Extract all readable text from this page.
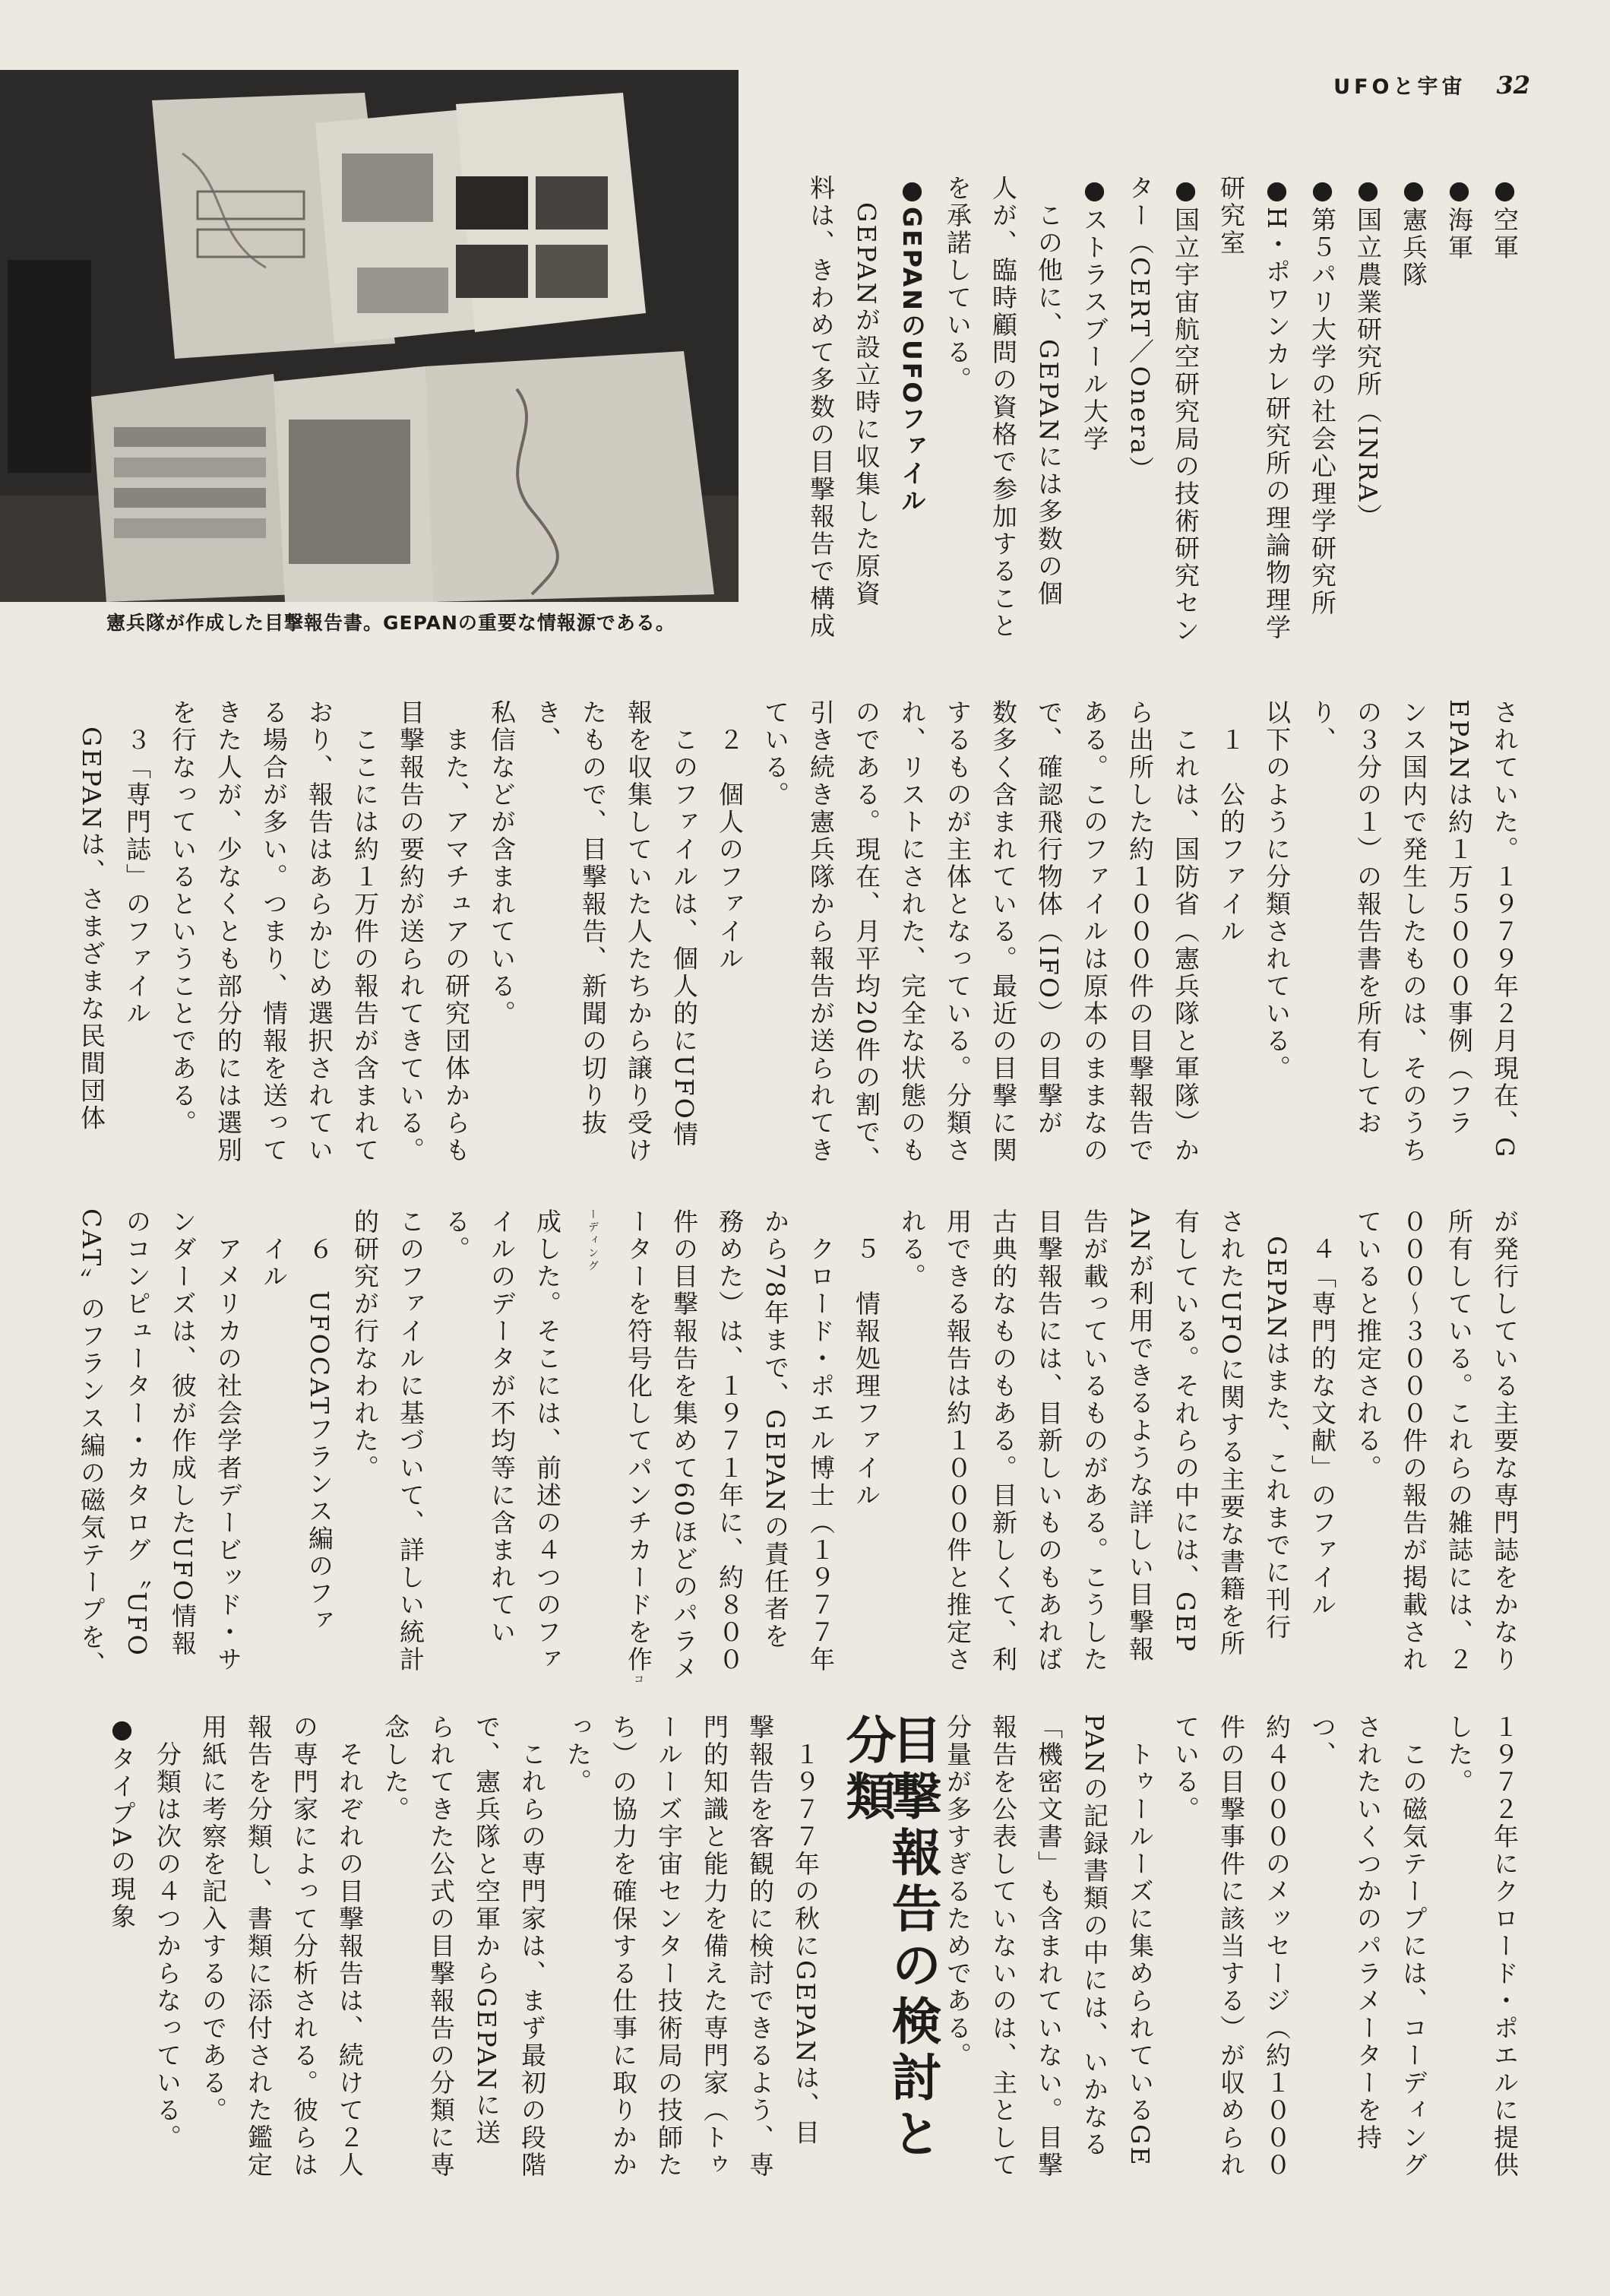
UFOと宇宙 32
憲兵隊が作成した目撃報告書。GEPANの重要な情報源である。

●空軍

●海軍

●憲兵隊

●国立農業研究所（INRA）

●第５パリ大学の社会心理学研究所

●H・ポワンカレ研究所の理論物理学

研究室

●国立宇宙航空研究局の技術研究セン

ター（CERT／Onera）

●ストラスブール大学

　この他に、GEPANには多数の個

人が、臨時顧問の資格で参加すること

を承諾している。

●GEPANのUFOファイル

　GEPANが設立時に収集した原資

料は、きわめて多数の目撃報告で構成

されていた。１９７９年２月現在、G

EPANは約１万５０００事例（フラ

ンス国内で発生したものは、そのうち

の３分の１）の報告書を所有しており、

以下のように分類されている。

　１　公的ファイル

　これは、国防省（憲兵隊と軍隊）か

ら出所した約１０００件の目撃報告で

ある。このファイルは原本のままなの

で、確認飛行物体（IFO）の目撃が

数多く含まれている。最近の目撃に関

するものが主体となっている。分類さ

れ、リストにされた、完全な状態のも

のである。現在、月平均20件の割で、

引き続き憲兵隊から報告が送られてき

ている。

　２　個人のファイル

　このファイルは、個人的にUFO情

報を収集していた人たちから譲り受け

たもので、目撃報告、新聞の切り抜き、

私信などが含まれている。

　また、アマチュアの研究団体からも

目撃報告の要約が送られてきている。

　ここには約１万件の報告が含まれて

おり、報告はあらかじめ選択されてい

る場合が多い。つまり、情報を送って

きた人が、少なくとも部分的には選別

を行なっているということである。

　３「専門誌」のファイル

　GEPANは、さまざまな民間団体

が発行している主要な専門誌をかなり

所有している。これらの雑誌には、２

０００〜３０００件の報告が掲載され

ていると推定される。

　４「専門的な文献」のファイル

　GEPANはまた、これまでに刊行

されたUFOに関する主要な書籍を所

有している。それらの中には、GEP

ANが利用できるような詳しい目撃報

告が載っているものがある。こうした

目撃報告には、目新しいものもあれば

古典的なものもある。目新しくて、利

用できる報告は約１０００件と推定さ

れる。

　５　情報処理ファイル

　クロード・ポエル博士（１９７７年

から78年まで、GEPANの責任者を

務めた）は、１９７１年に、約８００

件の目撃報告を集めて60ほどのパラメ

ーターを符号化してパンチカードを作コーディング

成した。そこには、前述の４つのファ

イルのデータが不均等に含まれている。

このファイルに基づいて、詳しい統計

的研究が行なわれた。

　６　UFOCATフランス編のファ

　イル

　アメリカの社会学者デービッド・サ

ンダーズは、彼が作成したUFO情報

のコンピューター・カタログ〝UFO

CAT〟のフランス編の磁気テープを、

１９７２年にクロード・ポエルに提供

した。

　この磁気テープには、コーディング

されたいくつかのパラメーターを持つ、

約４０００のメッセージ（約１０００

件の目撃事件に該当する）が収められ

ている。

　トゥールーズに集められているGE

PANの記録書類の中には、いかなる

「機密文書」も含まれていない。目撃

報告を公表していないのは、主として

分量が多すぎるためである。

目撃報告の検討と分類

　１９７７年の秋にGEPANは、目

撃報告を客観的に検討できるよう、専

門的知識と能力を備えた専門家（トゥ

ールーズ宇宙センター技術局の技師た

ち）の協力を確保する仕事に取りかか

った。

　これらの専門家は、まず最初の段階

で、憲兵隊と空軍からGEPANに送

られてきた公式の目撃報告の分類に専

念した。

　それぞれの目撃報告は、続けて２人

の専門家によって分析される。彼らは

報告を分類し、書類に添付された鑑定

用紙に考察を記入するのである。

　分類は次の４つからなっている。

●タイプAの現象
